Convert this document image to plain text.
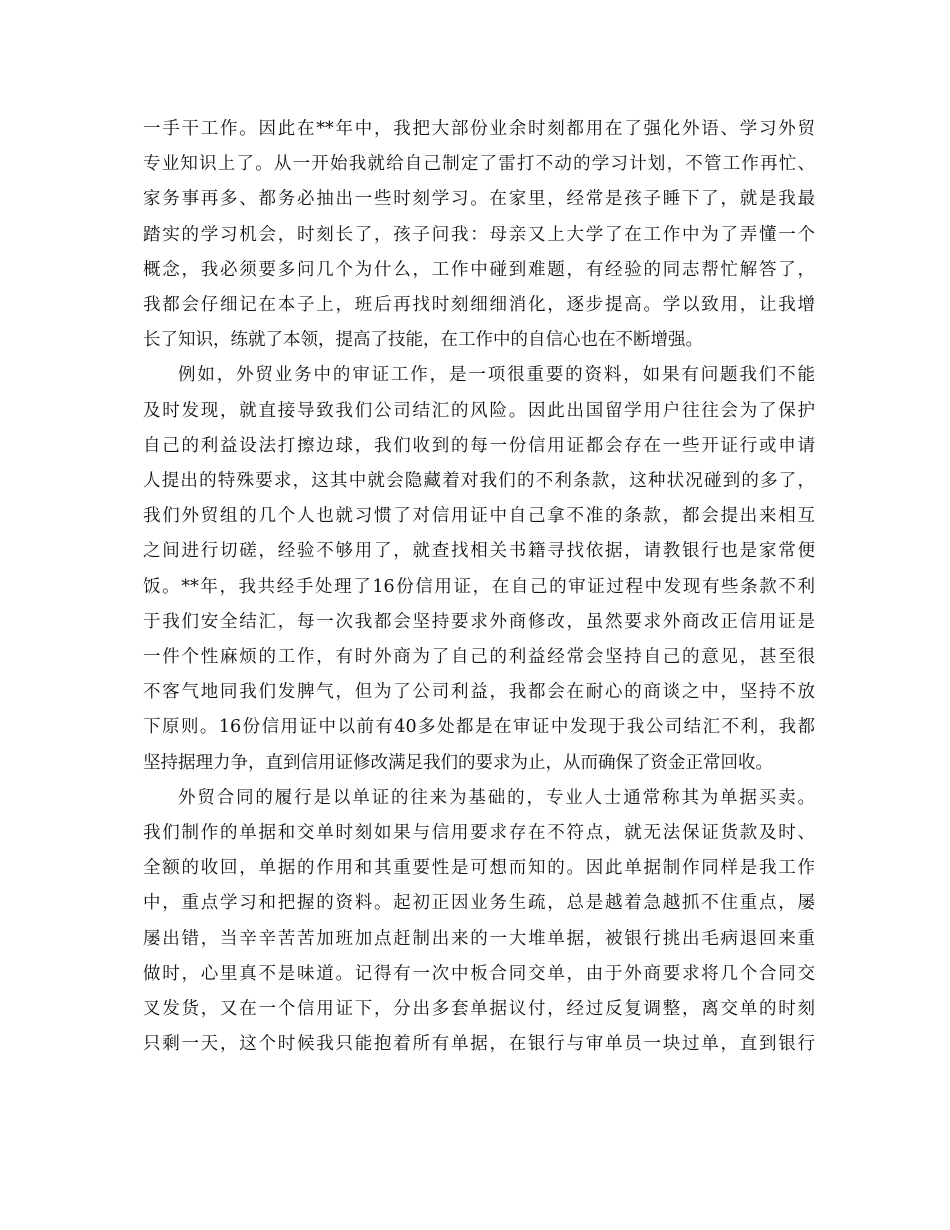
一手干工作。因此在**年中，我把大部份业余时刻都用在了强化外语、学习外贸
专业知识上了。从一开始我就给自己制定了雷打不动的学习计划，不管工作再忙、
家务事再多、都务必抽出一些时刻学习。在家里，经常是孩子睡下了，就是我最
踏实的学习机会，时刻长了，孩子问我：母亲又上大学了在工作中为了弄懂一个
概念，我必须要多问几个为什么，工作中碰到难题，有经验的同志帮忙解答了，
我都会仔细记在本子上，班后再找时刻细细消化，逐步提高。学以致用，让我增
长了知识，练就了本领，提高了技能，在工作中的自信心也在不断增强。

例如，外贸业务中的审证工作，是一项很重要的资料，如果有问题我们不能
及时发现，就直接导致我们公司结汇的风险。因此出国留学用户往往会为了保护
自己的利益设法打擦边球，我们收到的每一份信用证都会存在一些开证行或申请
人提出的特殊要求，这其中就会隐藏着对我们的不利条款，这种状况碰到的多了，
我们外贸组的几个人也就习惯了对信用证中自己拿不准的条款，都会提出来相互
之间进行切磋，经验不够用了，就查找相关书籍寻找依据，请教银行也是家常便
饭。**年，我共经手处理了16份信用证，在自己的审证过程中发现有些条款不利
于我们安全结汇，每一次我都会坚持要求外商修改，虽然要求外商改正信用证是
一件个性麻烦的工作，有时外商为了自己的利益经常会坚持自己的意见，甚至很
不客气地同我们发脾气，但为了公司利益，我都会在耐心的商谈之中，坚持不放
下原则。16份信用证中以前有40多处都是在审证中发现于我公司结汇不利，我都
坚持据理力争，直到信用证修改满足我们的要求为止，从而确保了资金正常回收。

外贸合同的履行是以单证的往来为基础的，专业人士通常称其为单据买卖。
我们制作的单据和交单时刻如果与信用要求存在不符点，就无法保证货款及时、
全额的收回，单据的作用和其重要性是可想而知的。因此单据制作同样是我工作
中，重点学习和把握的资料。起初正因业务生疏，总是越着急越抓不住重点，屡
屡出错，当辛辛苦苦加班加点赶制出来的一大堆单据，被银行挑出毛病退回来重
做时，心里真不是味道。记得有一次中板合同交单，由于外商要求将几个合同交
叉发货，又在一个信用证下，分出多套单据议付，经过反复调整，离交单的时刻
只剩一天，这个时候我只能抱着所有单据，在银行与审单员一块过单，直到银行
